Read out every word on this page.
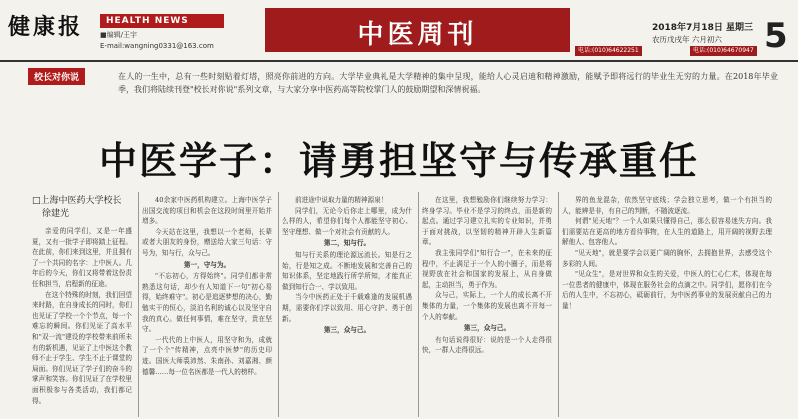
健康报	HEALTH NEWS
■编辑/王宇
E-mail:wangning0331@163.com	中医周刊	2018年7月18日 星期三
农历戊戌年 六月初六 5
电话:(010)64622251	电话:(010)64670947
校长对你说	在人的一生中，总有一些时刻贴着灯塔，照亮你前进的方向。大学毕业典礼是大学精神的集中呈现，能给人心灵启迪和精神激励，能赋予即将远行的毕业生无穷的力量。在2018年毕业季，我们将陆续刊登"校长对你说"系列文章，与大家分享中医药高等院校掌门人的鼓励期望和深情祝福。
中医学子：请勇担坚守与传承重任
□上海中医药大学校长
徐建光

亲爱的同学们，又是一年盛夏，又有一批学子即将踏上征程。在此前，你们来到这里，并且拥有了一个共同的名字：上中医人。几年后的今天，你们又将带着这份责任和担当，启程新的征途。

在这个特殊的时刻，我们回望来时路，在自身成长的同时，你们也见证了学校一个个节点，每一个难忘的瞬间。你们见证了高水平和"双一流"建设的学校带来前所未有的新机遇，见证了上中医这个教师不止于学生、学生不止于课堂的局面。你们见证了学子们的奋斗的掌声和笑容。你们见证了在学校里面积极参与各类活动，我们都记得。

40余家中医药机构建立。上海中医学子出国交流的项目和机会在这段时间里开始并增多。

今天站在这里，我想以一个老师，长辈或者大朋友的身份，赠送给大家三句话：守号为，知与行，众与己。

第一，守与为。

"不忘初心，方得始终"。同学们都非常熟悉这句话，却少有人知道下一句"初心易得，始终难守"。初心是追逐梦想的决心，勤勉实干的恒心，淡泊名利的诚心以及坚守自我的真心。做任何事情，难在坚守，贵在坚守。

一代代的上中医人，用坚守和为，成就了一个个"传精神，点亮中医梦"的历史印迹。国医大师裘沛然、朱南孙、刘嘉湘、颜德馨……每一位名医都是一代人的榜样。

前进途中说取力量的精神源泉！

同学们，无论今后你走上哪里，成为什么样的人，希望你们每个人都能坚守初心、坚守理想、做一个对社会有贡献的人。

第二，知与行。

知与行关系的理论源远流长。知是行之始，行是知之成。不断地发展和完善自己的知识体系，坚定地践行所学所知，才能真正做到知行合一、学以致用。

当今中医药正处于千载难逢的发展机遇期，需要你们学以致用、用心守护、勇于创新。

第三，众与己。

在这里，我想勉励你们继续努力学习：终身学习。毕业不是学习的终点，而是新的起点。通过学习建立扎实的专业知识，并勇于面对挑战，以坚韧的精神开辟人生新篇章。

我主张同学们"知行合一"，在未来的征程中，不止满足于一个人的小圈子，而是将视野放在社会和国家的发展上，从自身做起，主动担当，勇于作为。

众与己，实际上，一个人的成长离不开集体的力量，一个集体的发展也离不开每一个人的奉献。

第三，众与己。

有句话说得很好：说的是一个人走得很快，一群人走得很远。

界的鱼龙混杂，依然坚守底线；学会独立思考，做一个有担当的人，能辨是非，有自己的判断，不随波逐流。

何谓"见天地"？一个人如果只懂得自己，那么很容易迷失方向。我们需要站在更高的地方看待事物，在人生的道路上，用开阔的视野去理解他人、包容他人。

"见天地"，就是要学会以更广阔的胸怀，去拥抱世界，去感受这个多彩的人间。

"见众生"，是对世界和众生的关爱，中医人的仁心仁术，体现在每一位患者的健康中，体现在服务社会的点滴之中。同学们，愿你们在今后的人生中，不忘初心，砥砺前行，为中医药事业的发展贡献自己的力量！
